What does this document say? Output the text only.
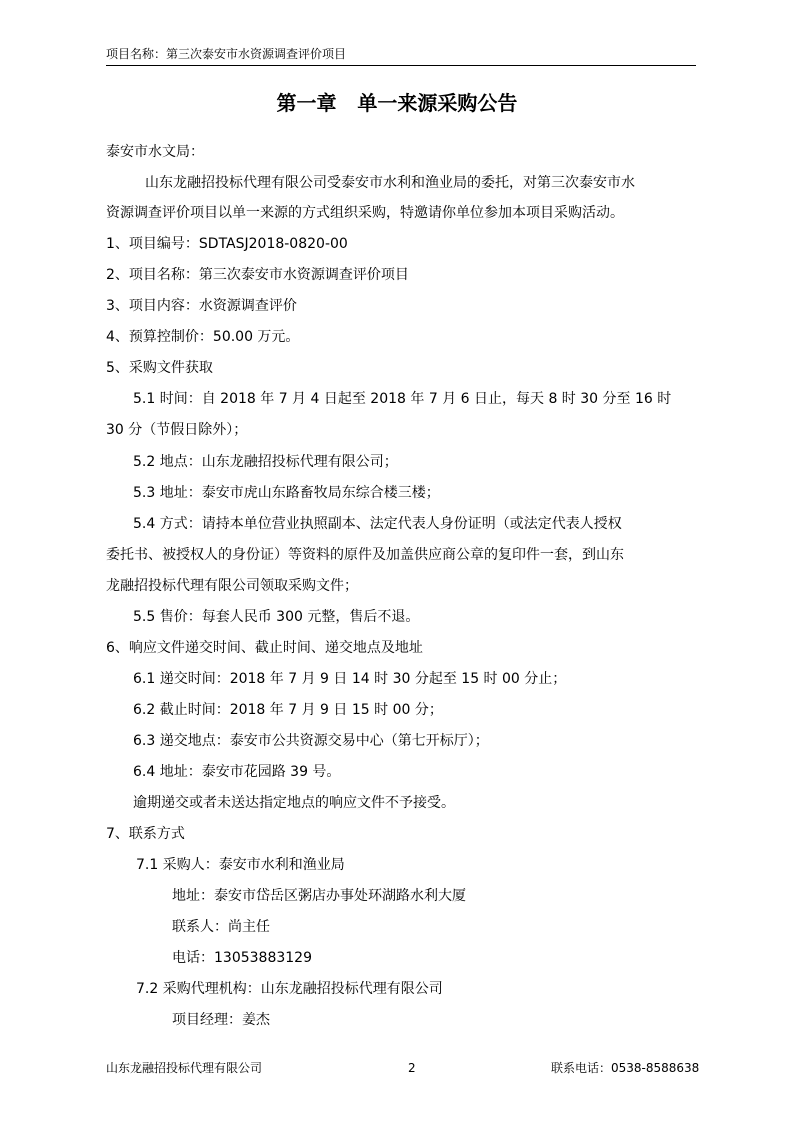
项目名称：第三次泰安市水资源调查评价项目
第一章   单一来源采购公告
泰安市水文局：
山东龙融招投标代理有限公司受泰安市水利和渔业局的委托，对第三次泰安市水
资源调查评价项目以单一来源的方式组织采购，特邀请你单位参加本项目采购活动。
1、项目编号：SDTASJ2018-0820-00
2、项目名称：第三次泰安市水资源调查评价项目
3、项目内容：水资源调查评价
4、预算控制价：50.00 万元。
5、采购文件获取
5.1 时间：自 2018 年 7 月 4 日起至 2018 年 7 月 6 日止，每天 8 时 30 分至 16 时
30 分（节假日除外）；
5.2 地点：山东龙融招投标代理有限公司；
5.3 地址：泰安市虎山东路畜牧局东综合楼三楼；
5.4 方式：请持本单位营业执照副本、法定代表人身份证明（或法定代表人授权
委托书、被授权人的身份证）等资料的原件及加盖供应商公章的复印件一套，到山东
龙融招投标代理有限公司领取采购文件；
5.5 售价：每套人民币 300 元整，售后不退。
6、响应文件递交时间、截止时间、递交地点及地址
6.1 递交时间：2018 年 7 月 9 日 14 时 30 分起至 15 时 00 分止；
6.2 截止时间：2018 年 7 月 9 日 15 时 00 分；
6.3 递交地点：泰安市公共资源交易中心（第七开标厅）；
6.4 地址：泰安市花园路 39 号。
逾期递交或者未送达指定地点的响应文件不予接受。
7、联系方式
7.1 采购人：泰安市水利和渔业局
地址：泰安市岱岳区粥店办事处环湖路水利大厦
联系人：尚主任
电话：13053883129
7.2 采购代理机构：山东龙融招投标代理有限公司
项目经理：姜杰
山东龙融招投标代理有限公司	2	联系电话：0538-8588638
